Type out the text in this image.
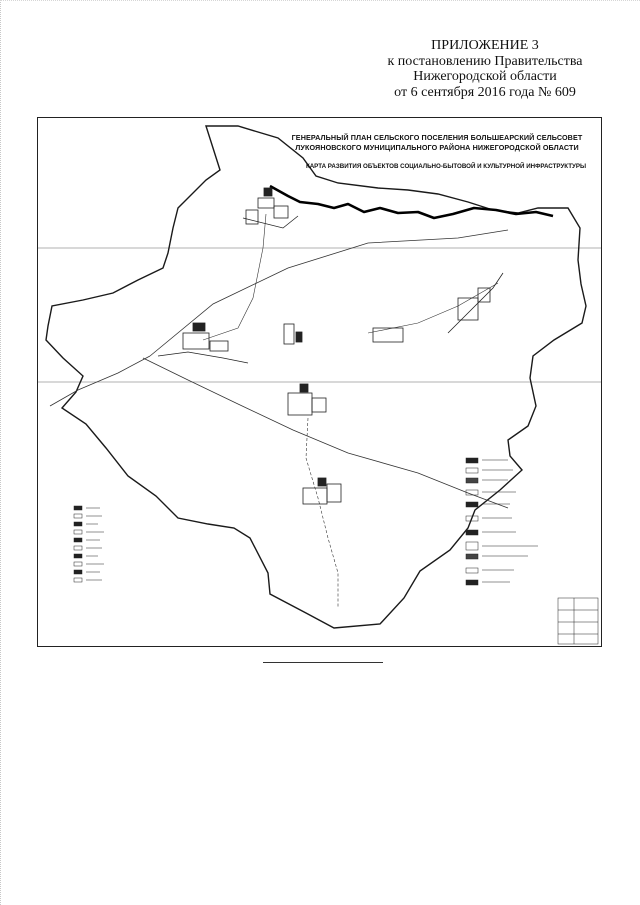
ПРИЛОЖЕНИЕ 3
к постановлению Правительства
Нижегородской области
от 6 сентября 2016 года № 609
ГЕНЕРАЛЬНЫЙ ПЛАН СЕЛЬСКОГО ПОСЕЛЕНИЯ БОЛЬШЕАРСКИЙ СЕЛЬСОВЕТ
ЛУКОЯНОВСКОГО МУНИЦИПАЛЬНОГО РАЙОНА НИЖЕГОРОДСКОЙ ОБЛАСТИ
КАРТА РАЗВИТИЯ ОБЪЕКТОВ СОЦИАЛЬНО-БЫТОВОЙ И КУЛЬТУРНОЙ ИНФРАСТРУКТУРЫ
